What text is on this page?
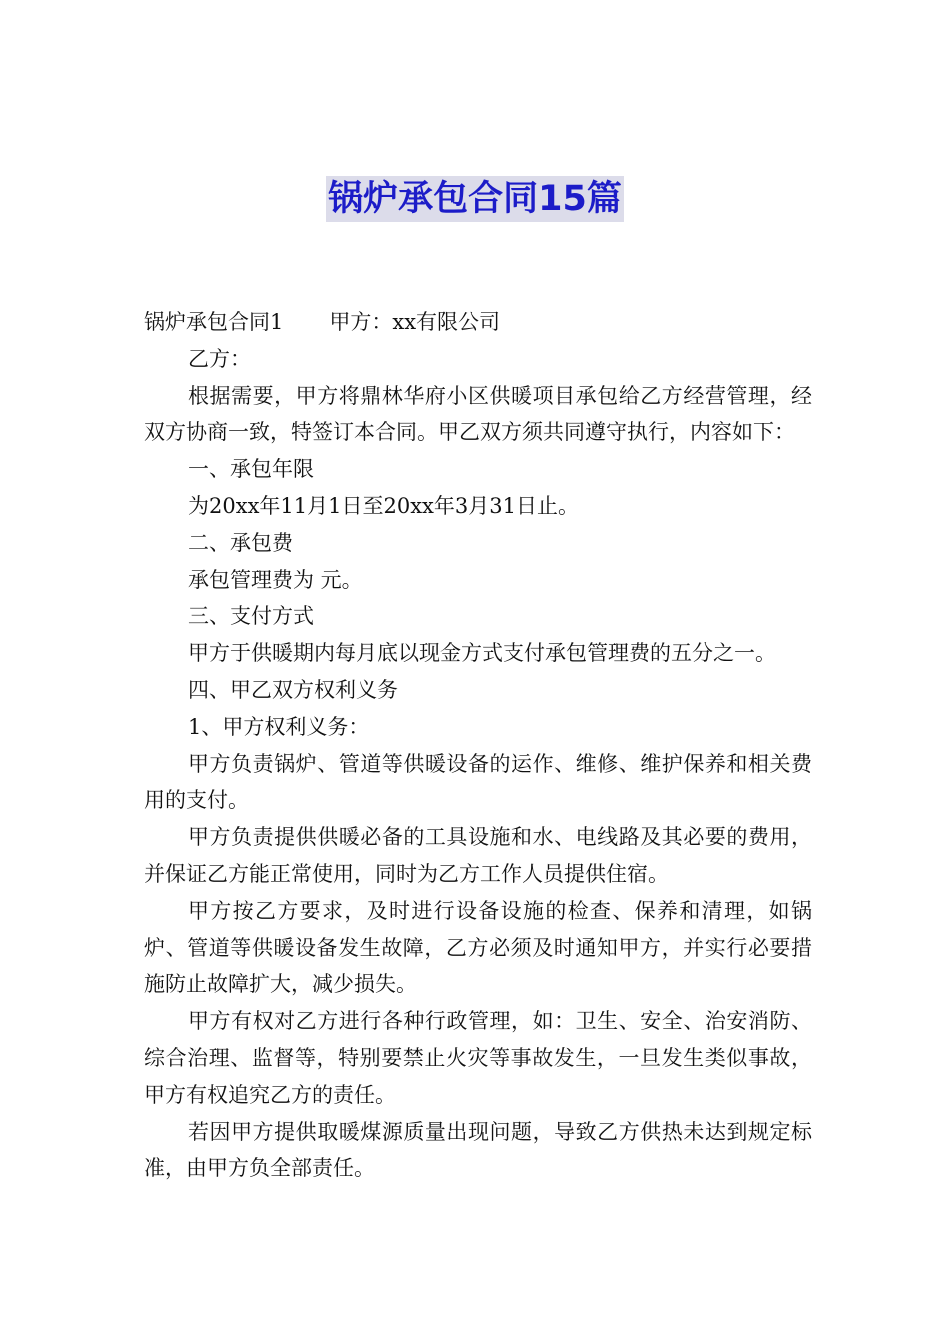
锅炉承包合同15篇

锅炉承包合同1 甲方：xx有限公司

乙方：

根据需要，甲方将鼎林华府小区供暖项目承包给乙方经营管理，经双方协商一致，特签订本合同。甲乙双方须共同遵守执行，内容如下：

一、承包年限

为20xx年11月1日至20xx年3月31日止。

二、承包费

承包管理费为 元。

三、支付方式

甲方于供暖期内每月底以现金方式支付承包管理费的五分之一。

四、甲乙双方权利义务

1、甲方权利义务：

甲方负责锅炉、管道等供暖设备的运作、维修、维护保养和相关费用的支付。

甲方负责提供供暖必备的工具设施和水、电线路及其必要的费用，并保证乙方能正常使用，同时为乙方工作人员提供住宿。

甲方按乙方要求，及时进行设备设施的检查、保养和清理，如锅炉、管道等供暖设备发生故障，乙方必须及时通知甲方，并实行必要措施防止故障扩大，减少损失。

甲方有权对乙方进行各种行政管理，如：卫生、安全、治安消防、综合治理、监督等，特别要禁止火灾等事故发生，一旦发生类似事故，甲方有权追究乙方的责任。

若因甲方提供取暖煤源质量出现问题，导致乙方供热未达到规定标准，由甲方负全部责任。
